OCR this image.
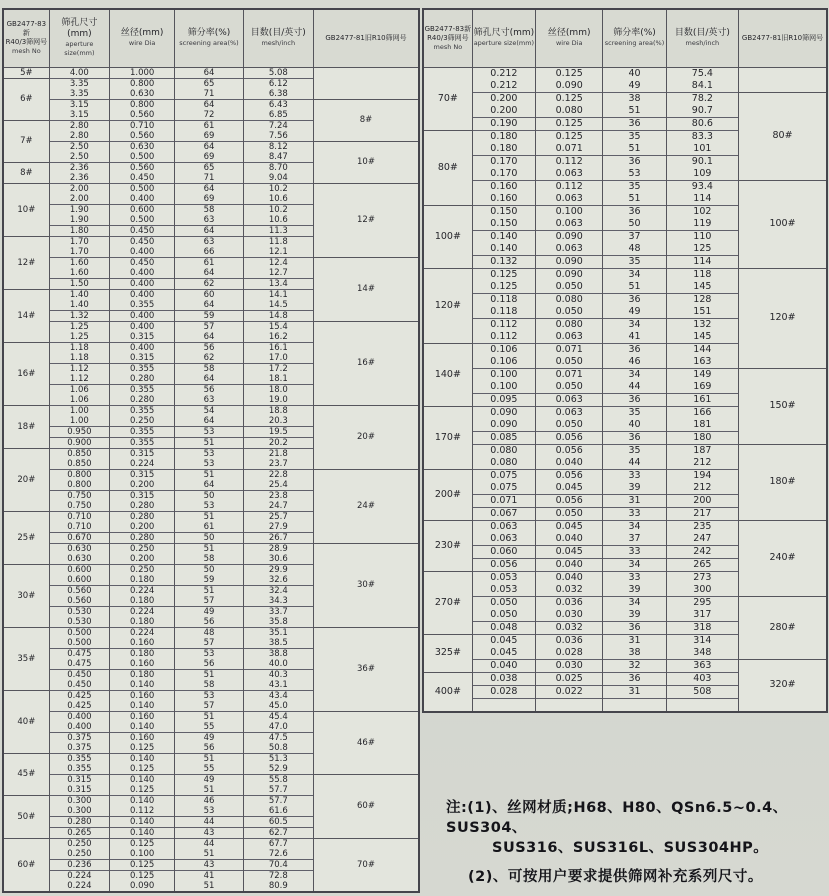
GB2477-83新
R40/3筛网号
mesh No

筛孔尺寸(mm)
aperture size(mm)

丝径(mm)
wire Dia

筛分率(%)
screening area(%)

目数(目/英寸)
mesh/inch

GB2477-81旧R10筛网号

5#	4.00	1.000	64	5.08	
6#	3.35	0.800	65	6.12	
	3.35	0.630	71	6.38	
	3.15	0.800	64	6.43	8#
	3.15	0.560	72	6.85	
7#	2.80	0.710	61	7.24	
	2.80	0.560	69	7.56	
	2.50	0.630	64	8.12	10#
	2.50	0.500	69	8.47	
8#	2.36	0.560	65	8.70	
	2.36	0.450	71	9.04	
10#	2.00	0.500	64	10.2	12#
	2.00	0.400	69	10.6	
	1.90	0.600	58	10.2	
	1.90	0.500	63	10.6	
	1.80	0.450	64	11.3	
12#	1.70	0.450	63	11.8	
	1.70	0.400	66	12.1	
	1.60	0.450	61	12.4	14#
	1.60	0.400	64	12.7	
	1.50	0.400	62	13.4	
14#	1.40	0.400	60	14.1	
	1.40	0.355	64	14.5	
	1.32	0.400	59	14.8	
	1.25	0.400	57	15.4	16#
	1.25	0.315	64	16.2	
16#	1.18	0.400	56	16.1	
	1.18	0.315	62	17.0	
	1.12	0.355	58	17.2	
	1.12	0.280	64	18.1	
	1.06	0.355	56	18.0	
	1.06	0.280	63	19.0	
18#	1.00	0.355	54	18.8	20#
	1.00	0.250	64	20.3	
	0.950	0.355	53	19.5	
	0.900	0.355	51	20.2	
20#	0.850	0.315	53	21.8	
	0.850	0.224	53	23.7	
	0.800	0.315	51	22.8	24#
	0.800	0.200	64	25.4	
	0.750	0.315	50	23.8	
	0.750	0.280	53	24.7	
25#	0.710	0.280	51	25.7	
	0.710	0.200	61	27.9	
	0.670	0.280	50	26.7	
	0.630	0.250	51	28.9	30#
	0.630	0.200	58	30.6	
30#	0.600	0.250	50	29.9	
	0.600	0.180	59	32.6	
	0.560	0.224	51	32.4	
	0.560	0.180	57	34.3	
	0.530	0.224	49	33.7	
	0.530	0.180	56	35.8	
35#	0.500	0.224	48	35.1	36#
	0.500	0.160	57	38.5	
	0.475	0.180	53	38.8	
	0.475	0.160	56	40.0	
	0.450	0.180	51	40.3	
	0.450	0.140	58	43.1	
40#	0.425	0.160	53	43.4	
	0.425	0.140	57	45.0	
	0.400	0.160	51	45.4	46#
	0.400	0.140	55	47.0	
	0.375	0.160	49	47.5	
	0.375	0.125	56	50.8	
45#	0.355	0.140	51	51.3	
	0.355	0.125	55	52.9	
	0.315	0.140	49	55.8	60#
	0.315	0.125	51	57.7	
50#	0.300	0.140	46	57.7	
	0.300	0.112	53	61.6	
	0.280	0.140	44	60.5	
	0.265	0.140	43	62.7	
60#	0.250	0.125	44	67.7	70#
	0.250	0.100	51	72.6	
	0.236	0.125	43	70.4	
	0.224	0.125	41	72.8	
	0.224	0.090	51	80.9	
GB2477-83新
R40/3筛网号
mesh No

筛孔尺寸(mm)
aperture size(mm)

丝径(mm)
wire Dia

筛分率(%)
screening area(%)

目数(目/英寸)
mesh/inch

GB2477-81旧R10筛网号

70#	0.212	0.125	40	75.4	
	0.212	0.090	49	84.1	
	0.200	0.125	38	78.2	80#
	0.200	0.080	51	90.7	
	0.190	0.125	36	80.6	
80#	0.180	0.125	35	83.3	
	0.180	0.071	51	101	
	0.170	0.112	36	90.1	
	0.170	0.063	53	109	
	0.160	0.112	35	93.4	100#
	0.160	0.063	51	114	
100#	0.150	0.100	36	102	
	0.150	0.063	50	119	
	0.140	0.090	37	110	
	0.140	0.063	48	125	
	0.132	0.090	35	114	
120#	0.125	0.090	34	118	120#
	0.125	0.050	51	145	
	0.118	0.080	36	128	
	0.118	0.050	49	151	
	0.112	0.080	34	132	
	0.112	0.063	41	145	
140#	0.106	0.071	36	144	
	0.106	0.050	46	163	
	0.100	0.071	34	149	150#
	0.100	0.050	44	169	
	0.095	0.063	36	161	
170#	0.090	0.063	35	166	
	0.090	0.050	40	181	
	0.085	0.056	36	180	
	0.080	0.056	35	187	180#
	0.080	0.040	44	212	
200#	0.075	0.056	33	194	
	0.075	0.045	39	212	
	0.071	0.056	31	200	
	0.067	0.050	33	217	
230#	0.063	0.045	34	235	240#
	0.063	0.040	37	247	
	0.060	0.045	33	242	
	0.056	0.040	34	265	
270#	0.053	0.040	33	273	
	0.053	0.032	39	300	
	0.050	0.036	34	295	280#
	0.050	0.030	39	317	
	0.048	0.032	36	318	
325#	0.045	0.036	31	314	
	0.045	0.028	38	348	
	0.040	0.030	32	363	320#
400#	0.038	0.025	36	403	
	0.028	0.022	31	508	

注:(1)、丝网材质;H68、H80、QSn6.5~0.4、SUS304、
SUS316、SUS316L、SUS304HP。
(2)、可按用户要求提供筛网补充系列尺寸。
